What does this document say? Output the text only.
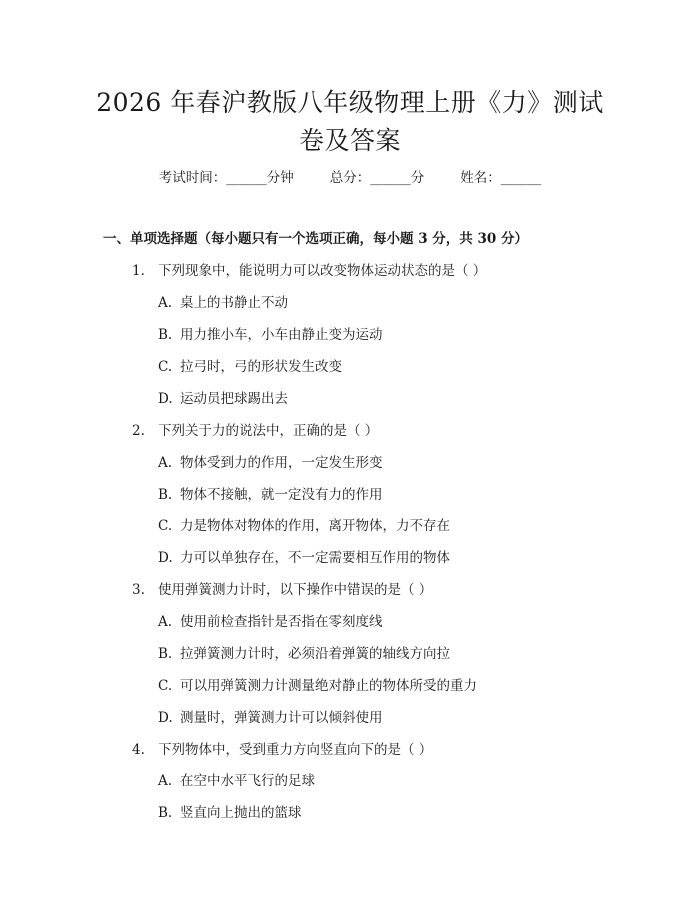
2026 年春沪教版八年级物理上册《力》测试
卷及答案
考试时间：______分钟	总分：______分	姓名：______
一、单项选择题（每小题只有一个选项正确，每小题 3 分，共 30 分）
1. 下列现象中，能说明力可以改变物体运动状态的是（ ）
A. 桌上的书静止不动
B. 用力推小车，小车由静止变为运动
C. 拉弓时，弓的形状发生改变
D. 运动员把球踢出去
2. 下列关于力的说法中，正确的是（ ）
A. 物体受到力的作用，一定发生形变
B. 物体不接触，就一定没有力的作用
C. 力是物体对物体的作用，离开物体，力不存在
D. 力可以单独存在，不一定需要相互作用的物体
3. 使用弹簧测力计时，以下操作中错误的是（ ）
A. 使用前检查指针是否指在零刻度线
B. 拉弹簧测力计时，必须沿着弹簧的轴线方向拉
C. 可以用弹簧测力计测量绝对静止的物体所受的重力
D. 测量时，弹簧测力计可以倾斜使用
4. 下列物体中，受到重力方向竖直向下的是（ ）
A. 在空中水平飞行的足球
B. 竖直向上抛出的篮球
